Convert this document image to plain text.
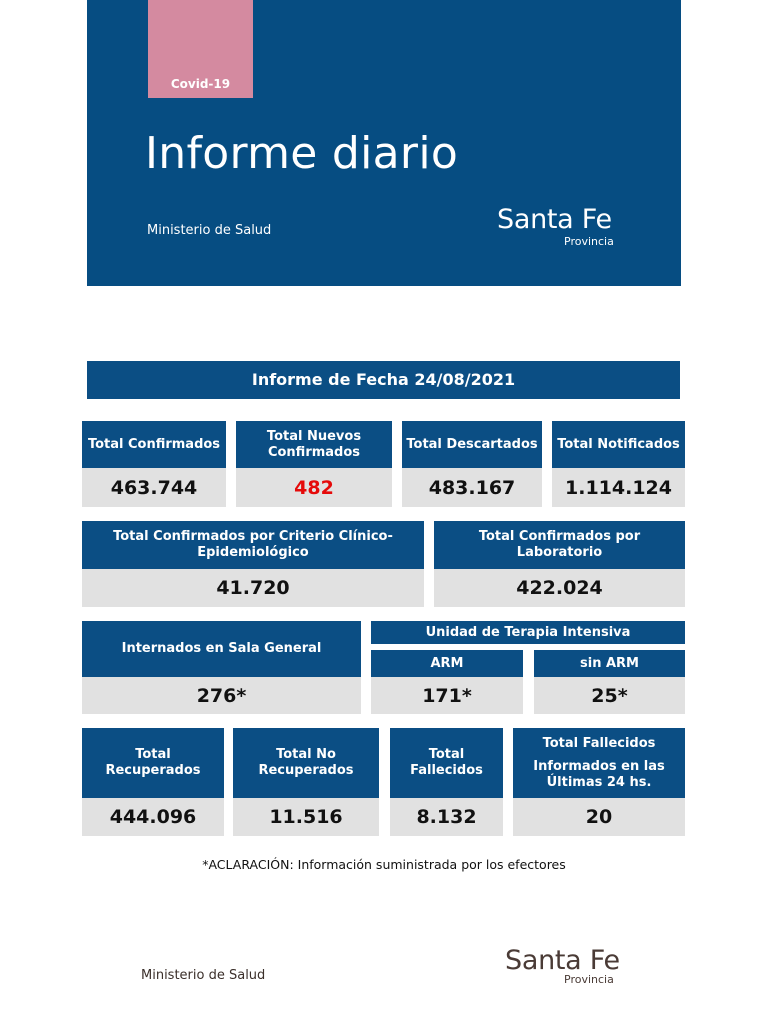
Covid-19
Informe diario
Ministerio de Salud	Santa Fe
Provincia
Informe de Fecha 24/08/2021
Total Confirmados
463.744
Total Nuevos Confirmados
482
Total Descartados
483.167
Total Notificados
1.114.124
Total Confirmados por Criterio Clínico-Epidemiológico
41.720
Total Confirmados por Laboratorio
422.024
Internados en Sala General
276*
Unidad de Terapia Intensiva
ARM
171*
sin ARM
25*
Total Recuperados
444.096
Total No Recuperados
11.516
Total Fallecidos
8.132
Total Fallecidos
Informados en las Últimas 24 hs.
20
*ACLARACIÓN: Información suministrada por los efectores
Ministerio de Salud	Santa Fe
Provincia
